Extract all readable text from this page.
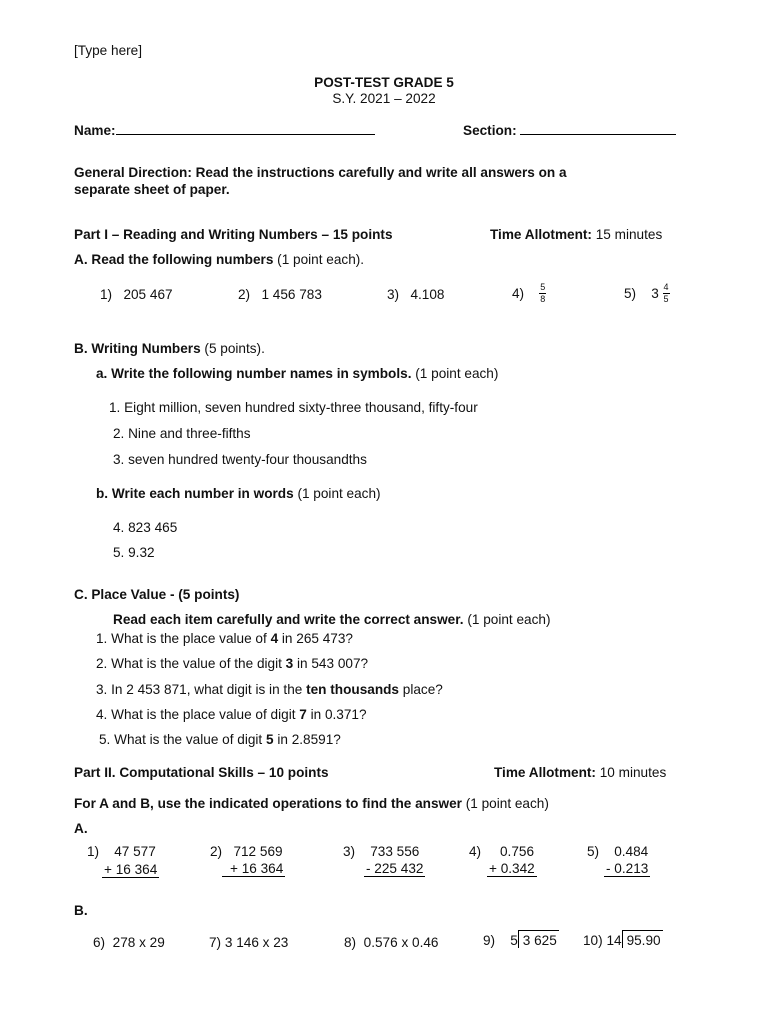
[Type here]
POST-TEST GRADE 5
S.Y. 2021 – 2022
Name:	Section:
General Direction: Read the instructions carefully and write all answers on a
separate sheet of paper.
Part I – Reading and Writing Numbers – 15 points	Time Allotment: 15 minutes
A. Read the following numbers (1 point each).
1) 205 467	2) 1 456 783	3) 4.108	$4) \frac{5}{8}$	5) $3 \frac{4}{5}$
B. Writing Numbers (5 points).
a. Write the following number names in symbols. (1 point each)
1. Eight million, seven hundred sixty-three thousand, fifty-four
2. Nine and three-fifths
3. seven hundred twenty-four thousandths
b. Write each number in words (1 point each)
4. 823 465
5. 9.32
C. Place Value - (5 points)
Read each item carefully and write the correct answer. (1 point each)
1. What is the place value of 4 in 265 473?
2. What is the value of the digit 3 in 543 007?
3. In 2 453 871, what digit is in the ten thousands place?
4. What is the place value of digit 7 in 0.371?
5. What is the value of digit 5 in 2.8591?
Part II. Computational Skills – 10 points	Time Allotment: 10 minutes
For A and B, use the indicated operations to find the answer (1 point each)
A.
1) 47 577
+ 16 364
2) 712 569
+ 16 364
3) 733 556
- 225 432
4) 0.756
+ 0.342
5) 0.484
- 0.213
B.
6) 278 x 29	7) 3 146 x 23	8) 0.576 x 0.46	9) 5 3 625 10) 14 95.90
